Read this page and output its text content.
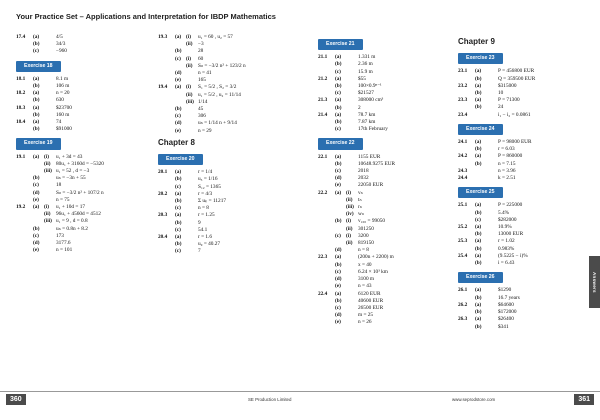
Your Practice Set – Applications and Interpretation for IBDP Mathematics
17.4	(a)	4/5
(b)	34/3
(c)	−960
Exercise 18
18.1	(a)	8.1 m
(b)	106 m
18.2	(a)	n = 20
(b)	630
18.3	(a)	$23700
(b)	160 m
18.4	(a)	74
(b)	$91000
Exercise 19
19.1	(a) (i)	u₁ + 3d = 43
(ii)	80u₁ + 3160d = −5320
(iii) u₁ = 52 , d = −3
(b)	uₙ = −3n + 55
(c)	18
(d)	Sₙ = −3/2 n² + 107/2 n
(e)	n = 75
19.2	(a) (i)	u₁ + 10d = 17
(ii)	96u₁ + 4560d = 4512
(iii) u₁ = 9 , d = 0.8
(b)	uₙ = 0.8n + 8.2
(c)	173
(d)	3177.6
(e)	n = 101
19.3	(a) (i)	u₁ = 60 , u₂ = 57
(ii)	−3
(b)	28
(c) (i)	60
(ii)	Sₙ = −3/2 n² + 123/2 n
(d)	n = 41
(e)	165
19.4	(a) (i)	S₁ = 5/2 , S₂ = 3/2
(ii)	u₁ = 5/2 , u₂ = 11/14
(iii) 1/14
(b)	45
(c)	306
(d)	uₙ = 1/14 n + 9/14
(e)	n = 29
Chapter 8
Exercise 20
20.1	(a)	r = 1/4
(b)	u₅ = 1/16
(c)	S₁₂ = 1365
20.2	(a)	r = 4/3
(b)	Σ uₖ = 11217
(c)	n = 8
20.3	(a)	r = 1.25
(b)	9
(c)	54.1
20.4	(a)	r = 1.6
(b)	u₉ = 40.27
(c)	7
Exercise 21
21.1	(a)	1.331 m
(b)	2.36 m
(c)	15.9 m
21.2	(a)	$55
(b)	100×0.9ⁿ⁻¹
(c)	$21527
21.3	(a)	308000 cm³
(b)	2
21.4	(a)	78.7 km
(b)	7.87 km
(c)	17th February
Exercise 22
22.1	(a)	1155 EUR
(b)	10648.9275 EUR
(c)	2018
(d)	2032
(e)	22050 EUR
22.2	(a) (i)	vₙ
(ii)	tₙ
(iii) rₙ
(iv) wₙ
(b) (i)	v₁₀₀ = 99050
(ii)	301250
(c) (i)	3200
(ii)	819150
(d)	n = 8
22.3	(a)	(200n + 2200) m
(b)	x = 40
(c)	6.24 × 10³ km
(d)	3100 m
(e)	n = 43
22.4	(a)	6120 EUR
(b)	40600 EUR
(c)	26500 EUR
(d)	m = 25
(e)	n = 26
Chapter 9
Exercise 23
23.1	(a)	P = 456800 EUR
(b)	Q = 359500 EUR
23.2	(a)	$315000
(b)	10
23.3	(a)	P = 71300
(b)	24
23.4	i₁ − i₂ = 0.0861
Exercise 24
24.1	(a)	P = 98000 EUR
(b)	r = 6.03
24.2	(a)	P = 860000
(b)	n = 7.15
24.3	n = 3.96
24.4	k = 2.51
Exercise 25
25.1	(a)	P = 225000
(b)	5.4%
(c)	$282000
25.2	(a)	10.9%
(b)	13000 EUR
25.3	(a)	r = 1.02
(b)	0.983%
25.4	(a)	(9.5225 − i)%
(b)	i = 6.43
Exercise 26
26.1	(a)	$1290
(b)	16.7 years
26.2	(a)	$64600
(b)	$172000
26.3	(a)	$26400
(b)	$341
Answers
360	SE Production Limited	www.seprodstore.com	361
